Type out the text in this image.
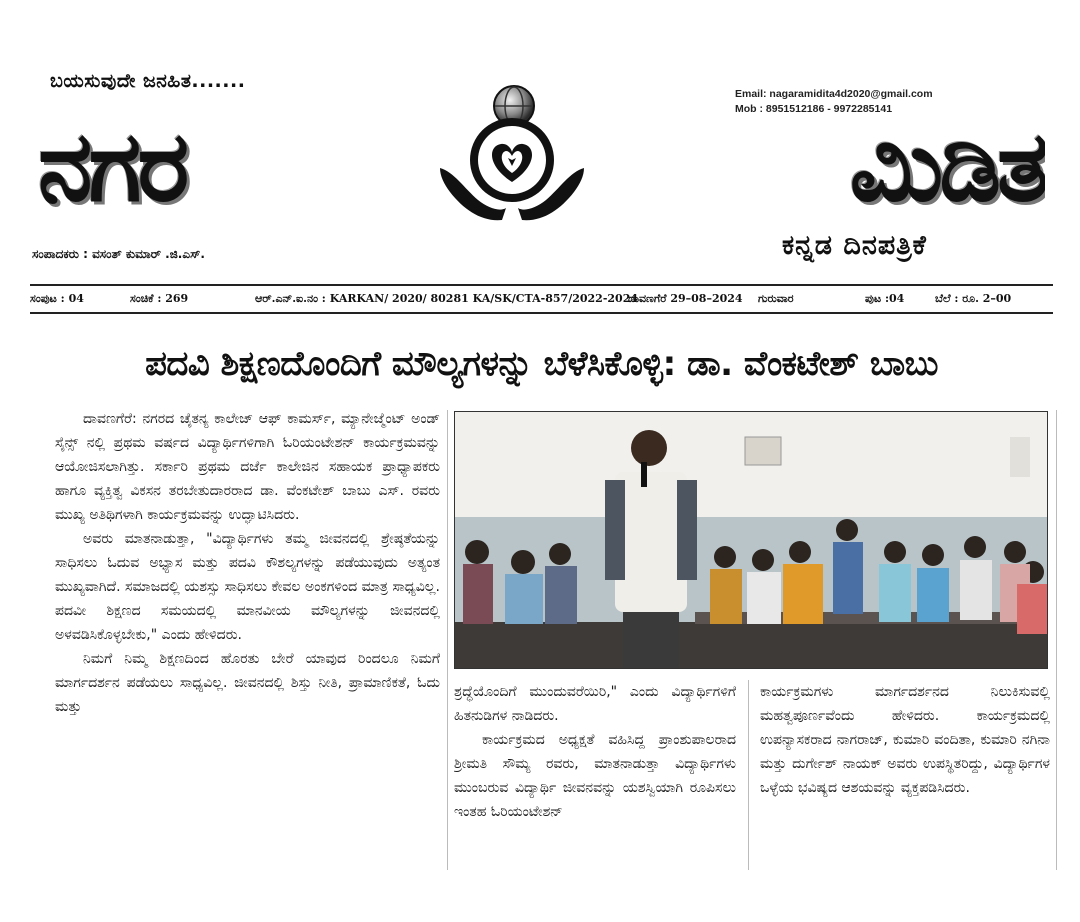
ಬಯಸುವುದೇ ಜನಹಿತ.......
Email: nagaramidita4d2020@gmail.com
Mob : 8951512186 - 9972285141
ನಗರ	ಮಿಡಿತ
ಸಂಪಾದಕರು : ವಸಂತ್ ಕುಮಾರ್ .ಜಿ.ಎಸ್.	ಕನ್ನಡ ದಿನಪತ್ರಿಕೆ
ಸಂಪುಟ : 04	ಸಂಚಿಕೆ : 269	ಆರ್.ಎನ್.ಐ.ನಂ : KARKAN/ 2020/ 80281 KA/SK/CTA-857/2022-2024
ದಾವಣಗೆರೆ 29–08–2024 ಗುರುವಾರ	ಪುಟ :04	ಬೆಲೆ : ರೂ. 2–00
ಪದವಿ ಶಿಕ್ಷಣದೊಂದಿಗೆ ಮೌಲ್ಯಗಳನ್ನು ಬೆಳೆಸಿಕೊಳ್ಳಿ: ಡಾ. ವೆಂಕಟೇಶ್ ಬಾಬು

ದಾವಣಗೆರೆ: ನಗರದ ಚೈತನ್ಯ ಕಾಲೇಜ್ ಆಫ್ ಕಾಮರ್ಸ್, ಮ್ಯಾನೇಜ್ಮೆಂಟ್ ಅಂಡ್ ಸೈನ್ಸ್ ನಲ್ಲಿ ಪ್ರಥಮ ವರ್ಷದ ವಿದ್ಯಾರ್ಥಿಗಳಿಗಾಗಿ ಓರಿಯಂಟೇಶನ್ ಕಾರ್ಯಕ್ರಮವನ್ನು ಆಯೋಜಿಸಲಾಗಿತ್ತು. ಸರ್ಕಾರಿ ಪ್ರಥಮ ದರ್ಜೆ ಕಾಲೇಜಿನ ಸಹಾಯಕ ಪ್ರಾಧ್ಯಾಪಕರು ಹಾಗೂ ವ್ಯಕ್ತಿತ್ವ ವಿಕಸನ ತರಬೇತುದಾರರಾದ ಡಾ. ವೆಂಕಟೇಶ್ ಬಾಬು ಎಸ್. ರವರು ಮುಖ್ಯ ಅತಿಥಿಗಳಾಗಿ ಕಾರ್ಯಕ್ರಮವನ್ನು ಉದ್ಘಾಟಿಸಿದರು.

ಅವರು ಮಾತನಾಡುತ್ತಾ, "ವಿದ್ಯಾರ್ಥಿಗಳು ತಮ್ಮ ಜೀವನದಲ್ಲಿ ಶ್ರೇಷ್ಠತೆಯನ್ನು ಸಾಧಿಸಲು ಓದುವ ಅಭ್ಯಾಸ ಮತ್ತು ಪದವಿ ಕೌಶಲ್ಯಗಳನ್ನು ಪಡೆಯುವುದು ಅತ್ಯಂತ ಮುಖ್ಯವಾಗಿದೆ. ಸಮಾಜದಲ್ಲಿ ಯಶಸ್ಸು ಸಾಧಿಸಲು ಕೇವಲ ಅಂಕಗಳಿಂದ ಮಾತ್ರ ಸಾಧ್ಯವಿಲ್ಲ. ಪದವೀ ಶಿಕ್ಷಣದ ಸಮಯದಲ್ಲಿ ಮಾನವೀಯ ಮೌಲ್ಯಗಳನ್ನು ಜೀವನದಲ್ಲಿ ಅಳವಡಿಸಿಕೊಳ್ಳಬೇಕು," ಎಂದು ಹೇಳಿದರು.

ನಿಮಗೆ ನಿಮ್ಮ ಶಿಕ್ಷಣದಿಂದ ಹೊರತು ಬೇರೆ ಯಾವುದ ರಿಂದಲೂ ನಿಮಗೆ ಮಾರ್ಗದರ್ಶನ ಪಡೆಯಲು ಸಾಧ್ಯವಿಲ್ಲ. ಜೀವನದಲ್ಲಿ ಶಿಸ್ತು ನೀತಿ, ಪ್ರಾಮಾಣಿಕತೆ, ಓದು ಮತ್ತು

ಶ್ರದ್ಧೆಯೊಂದಿಗೆ ಮುಂದುವರೆಯಿರಿ," ಎಂದು ವಿದ್ಯಾರ್ಥಿಗಳಿಗೆ ಹಿತನುಡಿಗಳ ನಾಡಿದರು.

ಕಾರ್ಯಕ್ರಮದ ಅಧ್ಯಕ್ಷತೆ ವಹಿಸಿದ್ದ ಪ್ರಾಂಶುಪಾಲರಾದ ಶ್ರೀಮತಿ ಸೌಮ್ಯ ರವರು, ಮಾತನಾಡುತ್ತಾ ವಿದ್ಯಾರ್ಥಿಗಳು ಮುಂಬರುವ ವಿದ್ಯಾರ್ಥಿ ಜೀವನವನ್ನು ಯಶಸ್ವಿಯಾಗಿ ರೂಪಿಸಲು ಇಂತಹ ಓರಿಯಂಟೇಶನ್

ಕಾರ್ಯಕ್ರಮಗಳು ಮಾರ್ಗದರ್ಶನದ ನಿಲುಕಿಸುವಲ್ಲಿ ಮಹತ್ವಪೂರ್ಣವೆಂದು ಹೇಳಿದರು. ಕಾರ್ಯಕ್ರಮದಲ್ಲಿ ಉಪನ್ಯಾಸಕರಾದ ನಾಗರಾಜ್, ಕುಮಾರಿ ವಂದಿತಾ, ಕುಮಾರಿ ನಗಿನಾ ಮತ್ತು ದುರ್ಗೇಶ್ ನಾಯಕ್ ಅವರು ಉಪಸ್ಥಿತರಿದ್ದು, ವಿದ್ಯಾರ್ಥಿಗಳ ಒಳ್ಳೆಯ ಭವಿಷ್ಯದ ಆಶಯವನ್ನು ವ್ಯಕ್ತಪಡಿಸಿದರು.
